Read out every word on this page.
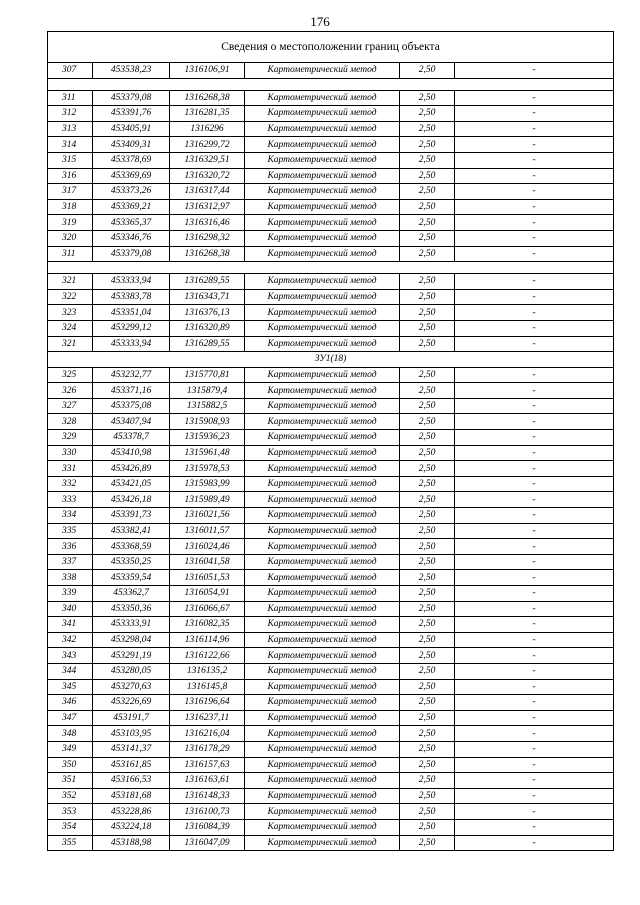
176
Сведения о местоположении границ объекта					
307	453538,23	1316106,91	Картометрический метод	2,50	-

311	453379,08	1316268,38	Картометрический метод	2,50	-
312	453391,76	1316281,35	Картометрический метод	2,50	-
313	453405,91	1316296	Картометрический метод	2,50	-
314	453409,31	1316299,72	Картометрический метод	2,50	-
315	453378,69	1316329,51	Картометрический метод	2,50	-
316	453369,69	1316320,72	Картометрический метод	2,50	-
317	453373,26	1316317,44	Картометрический метод	2,50	-
318	453369,21	1316312,97	Картометрический метод	2,50	-
319	453365,37	1316316,46	Картометрический метод	2,50	-
320	453346,76	1316298,32	Картометрический метод	2,50	-
311	453379,08	1316268,38	Картометрический метод	2,50	-

321	453333,94	1316289,55	Картометрический метод	2,50	-
322	453383,78	1316343,71	Картометрический метод	2,50	-
323	453351,04	1316376,13	Картометрический метод	2,50	-
324	453299,12	1316320,89	Картометрический метод	2,50	-
321	453333,94	1316289,55	Картометрический метод	2,50	-
ЗУ1(18)					
325	453232,77	1315770,81	Картометрический метод	2,50	-
326	453371,16	1315879,4	Картометрический метод	2,50	-
327	453375,08	1315882,5	Картометрический метод	2,50	-
328	453407,94	1315908,93	Картометрический метод	2,50	-
329	453378,7	1315936,23	Картометрический метод	2,50	-
330	453410,98	1315961,48	Картометрический метод	2,50	-
331	453426,89	1315978,53	Картометрический метод	2,50	-
332	453421,05	1315983,99	Картометрический метод	2,50	-
333	453426,18	1315989,49	Картометрический метод	2,50	-
334	453391,73	1316021,56	Картометрический метод	2,50	-
335	453382,41	1316011,57	Картометрический метод	2,50	-
336	453368,59	1316024,46	Картометрический метод	2,50	-
337	453350,25	1316041,58	Картометрический метод	2,50	-
338	453359,54	1316051,53	Картометрический метод	2,50	-
339	453362,7	1316054,91	Картометрический метод	2,50	-
340	453350,36	1316066,67	Картометрический метод	2,50	-
341	453333,91	1316082,35	Картометрический метод	2,50	-
342	453298,04	1316114,96	Картометрический метод	2,50	-
343	453291,19	1316122,66	Картометрический метод	2,50	-
344	453280,05	1316135,2	Картометрический метод	2,50	-
345	453270,63	1316145,8	Картометрический метод	2,50	-
346	453226,69	1316196,64	Картометрический метод	2,50	-
347	453191,7	1316237,11	Картометрический метод	2,50	-
348	453103,95	1316216,04	Картометрический метод	2,50	-
349	453141,37	1316178,29	Картометрический метод	2,50	-
350	453161,85	1316157,63	Картометрический метод	2,50	-
351	453166,53	1316163,61	Картометрический метод	2,50	-
352	453181,68	1316148,33	Картометрический метод	2,50	-
353	453228,86	1316100,73	Картометрический метод	2,50	-
354	453224,18	1316084,39	Картометрический метод	2,50	-
355	453188,98	1316047,09	Картометрический метод	2,50	-
